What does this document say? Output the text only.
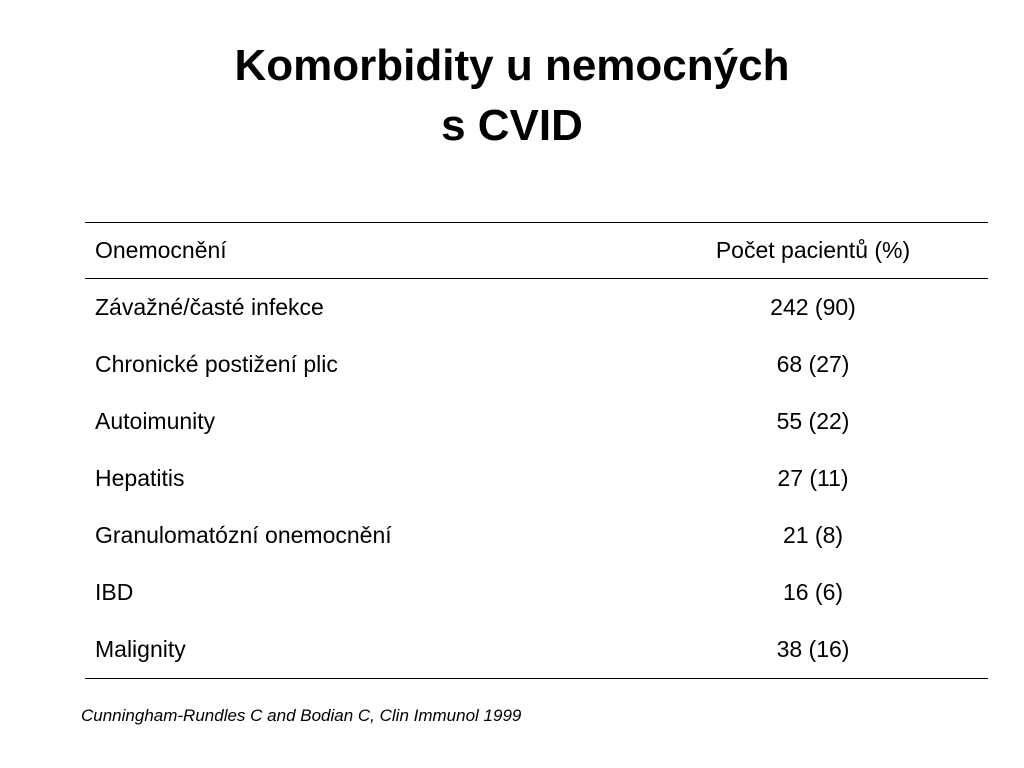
Komorbidity u nemocných
s CVID
Onemocnění	Počet pacientů (%)
Závažné/časté infekce	242 (90)
Chronické postižení plic	68 (27)
Autoimunity	55 (22)
Hepatitis	27 (11)
Granulomatózní onemocnění	21 (8)
IBD	16 (6)
Malignity	38 (16)
Cunningham-Rundles C and Bodian C, Clin Immunol 1999
